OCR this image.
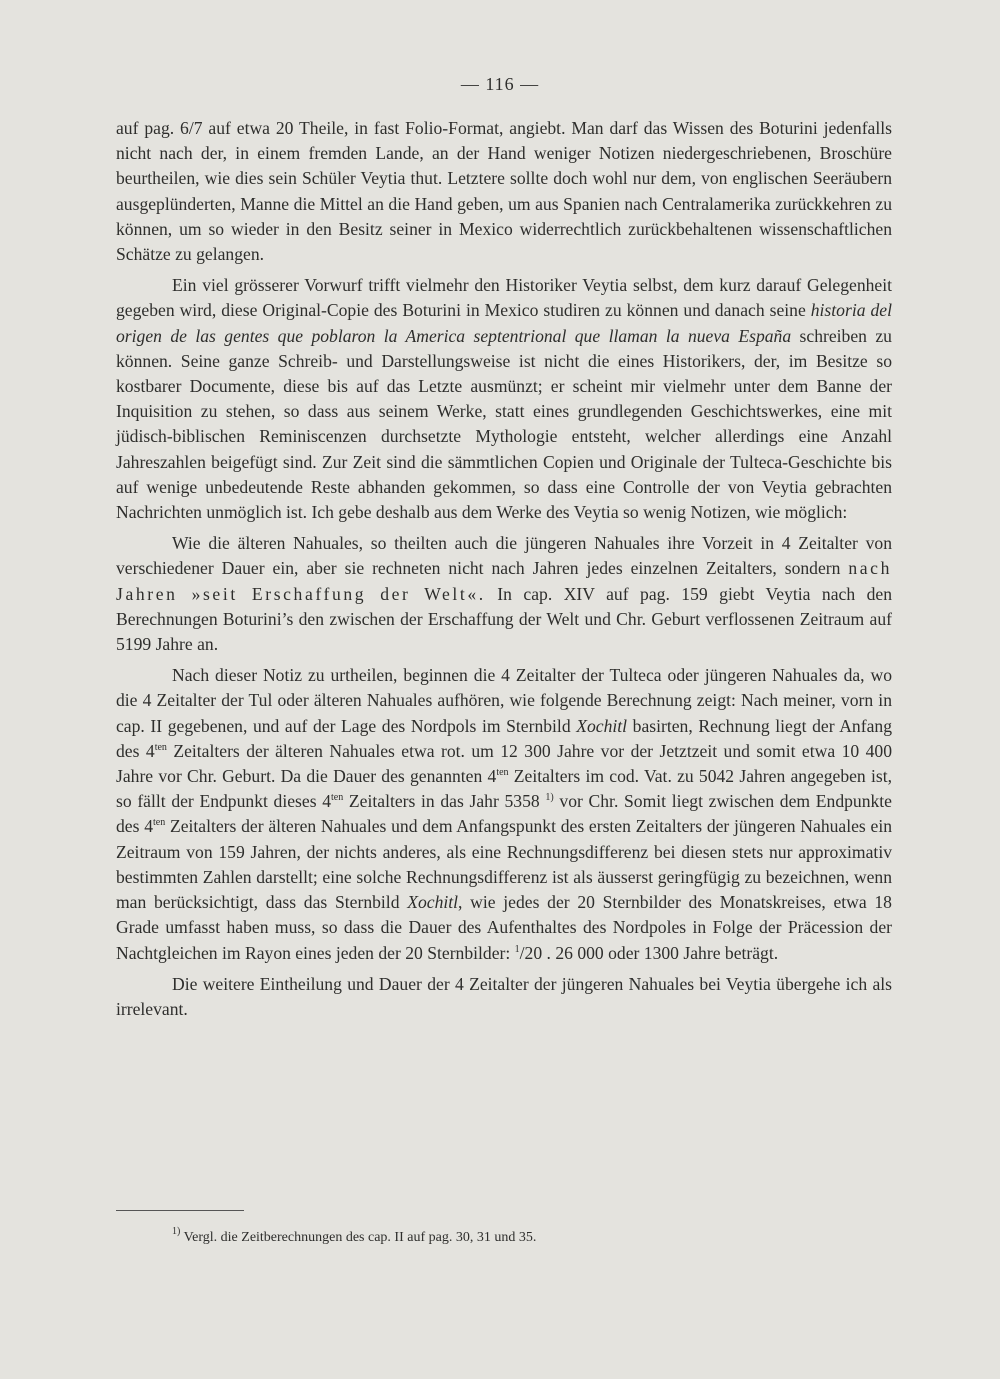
— 116 —

auf pag. 6/7 auf etwa 20 Theile, in fast Folio-Format, angiebt. Man darf das Wissen des Boturini jedenfalls nicht nach der, in einem fremden Lande, an der Hand weniger Notizen niedergeschriebenen, Broschüre beurtheilen, wie dies sein Schüler Veytia thut. Letztere sollte doch wohl nur dem, von englischen Seeräubern ausgeplünderten, Manne die Mittel an die Hand geben, um aus Spanien nach Centralamerika zurückkehren zu können, um so wieder in den Besitz seiner in Mexico widerrechtlich zurückbehaltenen wissenschaftlichen Schätze zu gelangen.

Ein viel grösserer Vorwurf trifft vielmehr den Historiker Veytia selbst, dem kurz darauf Gelegenheit gegeben wird, diese Original-Copie des Boturini in Mexico studiren zu können und danach seine historia del origen de las gentes que poblaron la America septentrional que llaman la nueva España schreiben zu können. Seine ganze Schreib- und Darstellungsweise ist nicht die eines Historikers, der, im Besitze so kostbarer Documente, diese bis auf das Letzte ausmünzt; er scheint mir vielmehr unter dem Banne der Inquisition zu stehen, so dass aus seinem Werke, statt eines grundlegenden Geschichtswerkes, eine mit jüdisch-biblischen Reminiscenzen durchsetzte Mythologie entsteht, welcher allerdings eine Anzahl Jahreszahlen beigefügt sind. Zur Zeit sind die sämmtlichen Copien und Originale der Tulteca-Geschichte bis auf wenige unbedeutende Reste abhanden gekommen, so dass eine Controlle der von Veytia gebrachten Nachrichten unmöglich ist. Ich gebe deshalb aus dem Werke des Veytia so wenig Notizen, wie möglich:

Wie die älteren Nahuales, so theilten auch die jüngeren Nahuales ihre Vorzeit in 4 Zeitalter von verschiedener Dauer ein, aber sie rechneten nicht nach Jahren jedes einzelnen Zeitalters, sondern nach Jahren »seit Erschaffung der Welt«. In cap. XIV auf pag. 159 giebt Veytia nach den Berechnungen Boturini’s den zwischen der Erschaffung der Welt und Chr. Geburt verflossenen Zeitraum auf 5199 Jahre an.

Nach dieser Notiz zu urtheilen, beginnen die 4 Zeitalter der Tulteca oder jüngeren Nahuales da, wo die 4 Zeitalter der Tul oder älteren Nahuales aufhören, wie folgende Berechnung zeigt: Nach meiner, vorn in cap. II gegebenen, und auf der Lage des Nordpols im Sternbild Xochitl basirten, Rechnung liegt der Anfang des $4^{ten}$ Zeitalters der älteren Nahuales etwa rot. um 12 300 Jahre vor der Jetztzeit und somit etwa 10 400 Jahre vor Chr. Geburt. Da die Dauer des genannten $4^{ten}$ Zeitalters im cod. Vat. zu 5042 Jahren angegeben ist, so fällt der Endpunkt dieses $4^{ten}$ Zeitalters in das Jahr 5358 $^{1)}$ vor Chr. Somit liegt zwischen dem Endpunkte des $4^{ten}$ Zeitalters der älteren Nahuales und dem Anfangspunkt des ersten Zeitalters der jüngeren Nahuales ein Zeitraum von 159 Jahren, der nichts anderes, als eine Rechnungsdifferenz bei diesen stets nur approximativ bestimmten Zahlen darstellt; eine solche Rechnungsdifferenz ist als äusserst geringfügig zu bezeichnen, wenn man berücksichtigt, dass das Sternbild Xochitl, wie jedes der 20 Sternbilder des Monatskreises, etwa 18 Grade umfasst haben muss, so dass die Dauer des Aufenthaltes des Nordpoles in Folge der Präcession der Nachtgleichen im Rayon eines jeden der 20 Sternbilder: $^1$/20 . 26 000 oder 1300 Jahre beträgt.

Die weitere Eintheilung und Dauer der 4 Zeitalter der jüngeren Nahuales bei Veytia übergehe ich als irrelevant.

$^{1)}$ Vergl. die Zeitberechnungen des cap. II auf pag. 30, 31 und 35.
